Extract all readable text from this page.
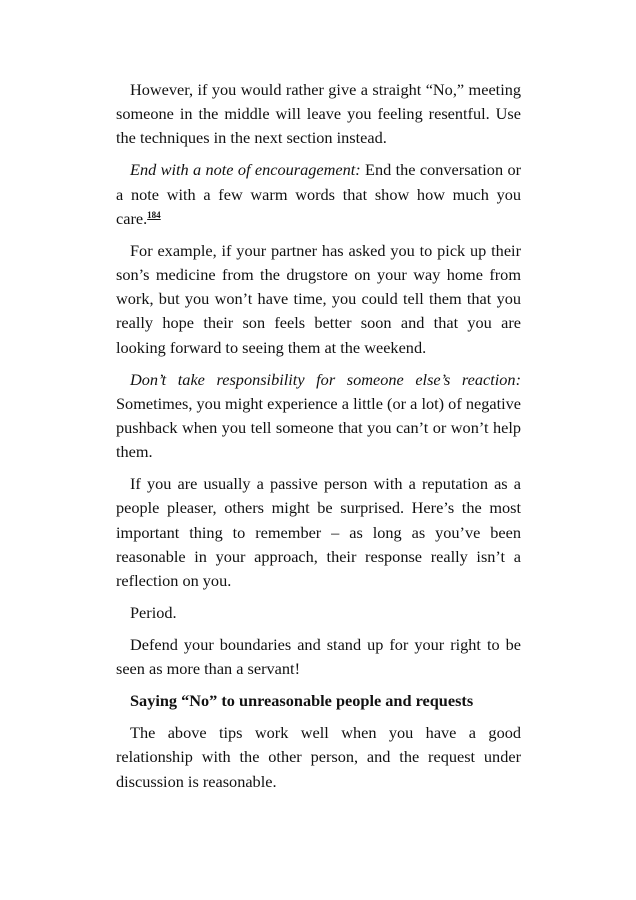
However, if you would rather give a straight “No,” meeting someone in the middle will leave you feeling resentful. Use the techniques in the next section instead.

End with a note of encouragement: End the conversation or a note with a few warm words that show how much you care.$^{184}$

For example, if your partner has asked you to pick up their son’s medicine from the drugstore on your way home from work, but you won’t have time, you could tell them that you really hope their son feels better soon and that you are looking forward to seeing them at the weekend.

Don’t take responsibility for someone else’s reaction: Sometimes, you might experience a little (or a lot) of negative pushback when you tell someone that you can’t or won’t help them.

If you are usually a passive person with a reputation as a people pleaser, others might be surprised. Here’s the most important thing to remember – as long as you’ve been reasonable in your approach, their response really isn’t a reflection on you.

Period.

Defend your boundaries and stand up for your right to be seen as more than a servant!

Saying “No” to unreasonable people and requests

The above tips work well when you have a good relationship with the other person, and the request under discussion is reasonable.
